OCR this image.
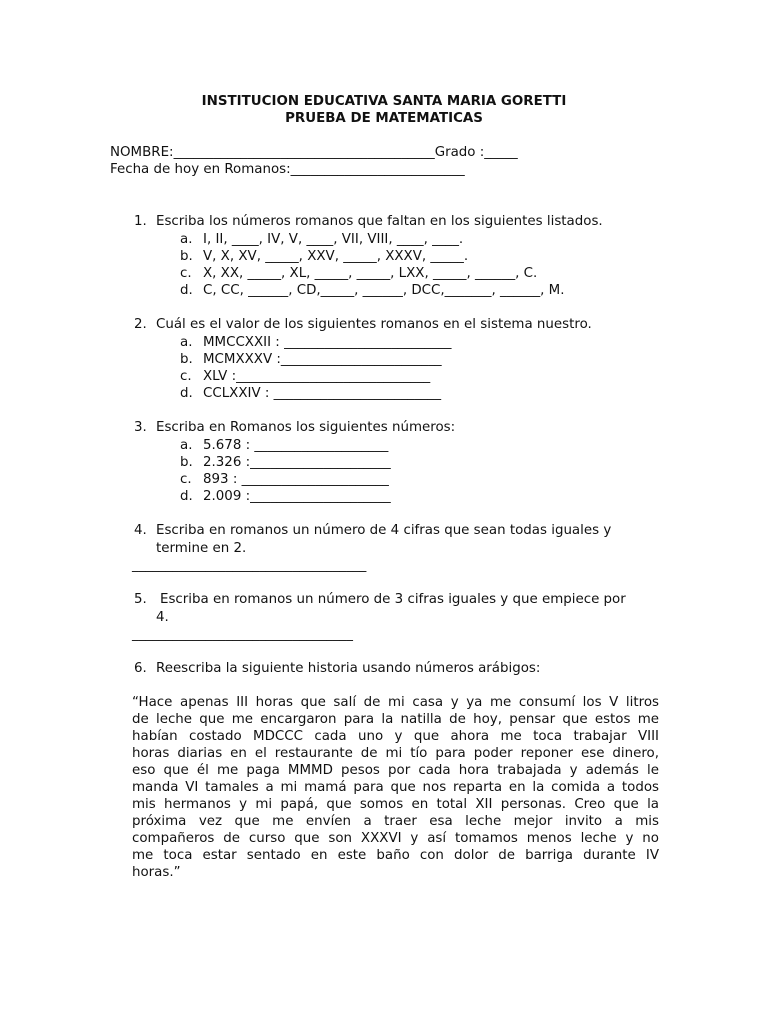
INSTITUCION EDUCATIVA SANTA MARIA GORETTI
PRUEBA DE MATEMATICAS
NOMBRE:_______________________________________Grado :_____
Fecha de hoy en Romanos:__________________________
1. Escriba los números romanos que faltan en los siguientes listados.
a. I, II, ____, IV, V, ____, VII, VIII, ____, ____.
b. V, X, XV, _____, XXV, _____, XXXV, _____.
c. X, XX, _____, XL, _____, _____, LXX, _____, ______, C.
d. C, CC, ______, CD,_____, ______, DCC,_______, ______, M.
2. Cuál es el valor de los siguientes romanos en el sistema nuestro.
a. MMCCXXII : _________________________
b. MCMXXXV :________________________
c. XLV :_____________________________
d. CCLXXIV : _________________________
3. Escriba en Romanos los siguientes números:
a. 5.678 : ____________________
b. 2.326 :_____________________
c. 893 : ______________________
d. 2.009 :_____________________
4. Escriba en romanos un número de 4 cifras que sean todas iguales y
termine en 2.
___________________________________
5. Escriba en romanos un número de 3 cifras iguales y que empiece por
4.
_________________________________
6. Reescriba la siguiente historia usando números arábigos:
“Hace apenas III horas que salí de mi casa y ya me consumí los V litros
de leche que me encargaron para la natilla de hoy, pensar que estos me
habían costado MDCCC cada uno y que ahora me toca trabajar VIII
horas diarias en el restaurante de mi tío para poder reponer ese dinero,
eso que él me paga MMMD pesos por cada hora trabajada y además le
manda VI tamales a mi mamá para que nos reparta en la comida a todos
mis hermanos y mi papá, que somos en total XII personas. Creo que la
próxima vez que me envíen a traer esa leche mejor invito a mis
compañeros de curso que son XXXVI y así tomamos menos leche y no
me toca estar sentado en este baño con dolor de barriga durante IV
horas.”
